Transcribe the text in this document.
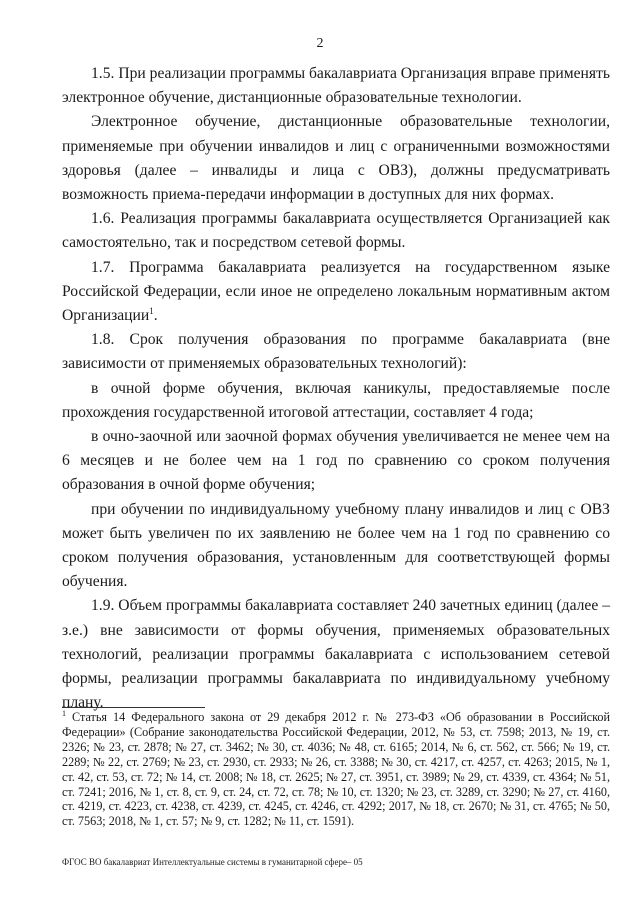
2

1.5. При реализации программы бакалавриата Организация вправе применять электронное обучение, дистанционные образовательные технологии.

Электронное обучение, дистанционные образовательные технологии, применяемые при обучении инвалидов и лиц с ограниченными возможностями здоровья (далее – инвалиды и лица с ОВЗ), должны предусматривать возможность приема-передачи информации в доступных для них формах.

1.6. Реализация программы бакалавриата осуществляется Организацией как самостоятельно, так и посредством сетевой формы.

1.7. Программа бакалавриата реализуется на государственном языке Российской Федерации, если иное не определено локальным нормативным актом Организации$^1$.

1.8. Срок получения образования по программе бакалавриата (вне зависимости от применяемых образовательных технологий):

в очной форме обучения, включая каникулы, предоставляемые после прохождения государственной итоговой аттестации, составляет 4 года;

в очно-заочной или заочной формах обучения увеличивается не менее чем на 6 месяцев и не более чем на 1 год по сравнению со сроком получения образования в очной форме обучения;

при обучении по индивидуальному учебному плану инвалидов и лиц с ОВЗ может быть увеличен по их заявлению не более чем на 1 год по сравнению со сроком получения образования, установленным для соответствующей формы обучения.

1.9. Объем программы бакалавриата составляет 240 зачетных единиц (далее – з.е.) вне зависимости от формы обучения, применяемых образовательных технологий, реализации программы бакалавриата с использованием сетевой формы, реализации программы бакалавриата по индивидуальному учебному плану.

$^1$ Статья 14 Федерального закона от 29 декабря 2012 г. № 273-ФЗ «Об образовании в Российской Федерации» (Собрание законодательства Российской Федерации, 2012, № 53, ст. 7598; 2013, № 19, ст. 2326; № 23, ст. 2878; № 27, ст. 3462; № 30, ст. 4036; № 48, ст. 6165; 2014, № 6, ст. 562, ст. 566; № 19, ст. 2289; № 22, ст. 2769; № 23, ст. 2930, ст. 2933; № 26, ст. 3388; № 30, ст. 4217, ст. 4257, ст. 4263; 2015, № 1, ст. 42, ст. 53, ст. 72; № 14, ст. 2008; № 18, ст. 2625; № 27, ст. 3951, ст. 3989; № 29, ст. 4339, ст. 4364; № 51, ст. 7241; 2016, № 1, ст. 8, ст. 9, ст. 24, ст. 72, ст. 78; № 10, ст. 1320; № 23, ст. 3289, ст. 3290; № 27, ст. 4160, ст. 4219, ст. 4223, ст. 4238, ст. 4239, ст. 4245, ст. 4246, ст. 4292; 2017, № 18, ст. 2670; № 31, ст. 4765; № 50, ст. 7563; 2018, № 1, ст. 57; № 9, ст. 1282; № 11, ст. 1591).
ФГОС ВО бакалавриат Интеллектуальные системы в гуманитарной сфере– 05
